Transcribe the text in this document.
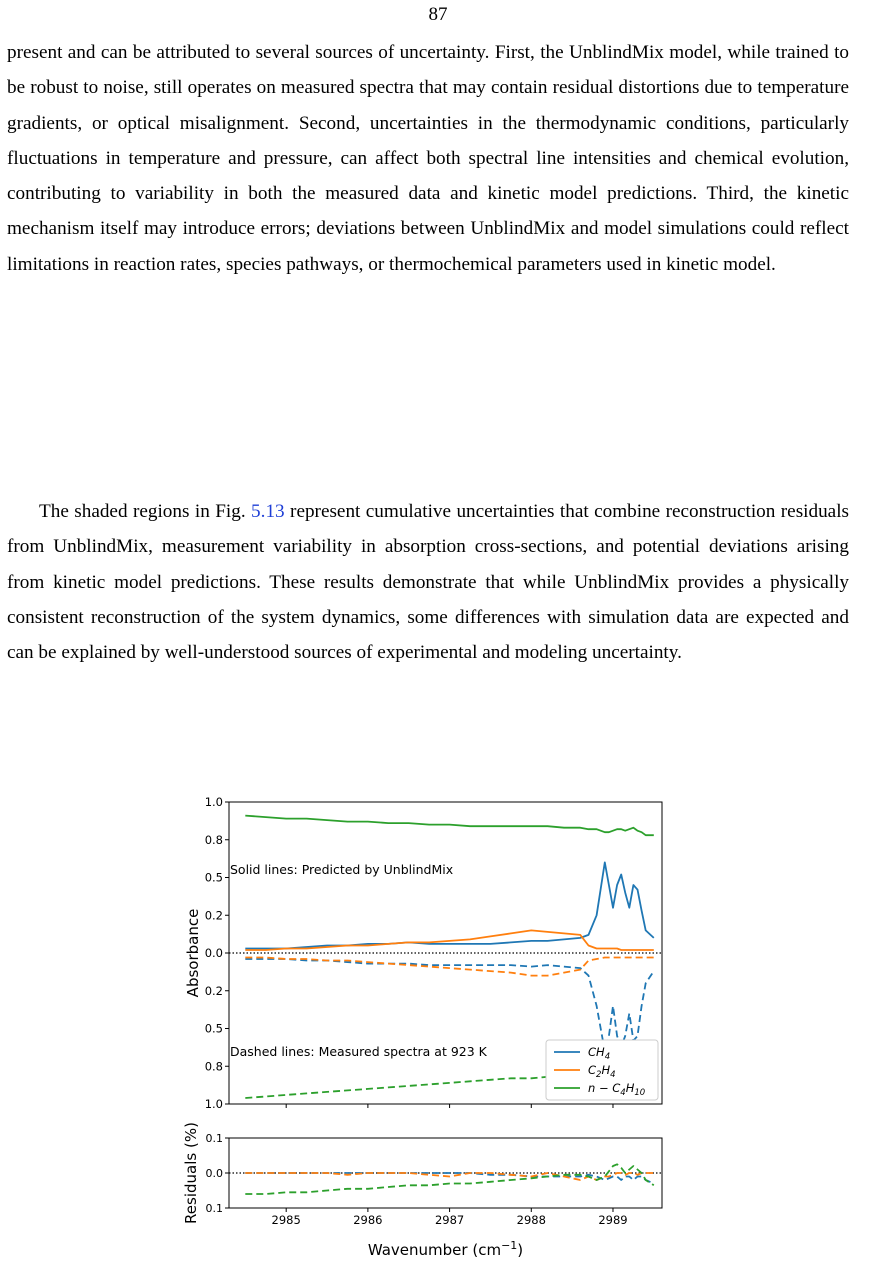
87

present and can be attributed to several sources of uncertainty. First, the UnblindMix model, while trained to be robust to noise, still operates on measured spectra that may contain residual distortions due to temperature gradients, or optical misalignment. Second, uncertainties in the thermodynamic conditions, particularly fluctuations in temperature and pressure, can affect both spectral line intensities and chemical evolution, contributing to variability in both the measured data and kinetic model predictions. Third, the kinetic mechanism itself may introduce errors; deviations between UnblindMix and model simulations could reflect limitations in reaction rates, species pathways, or thermochemical parameters used in kinetic model.

The shaded regions in Fig. 5.13 represent cumulative uncertainties that combine reconstruction residuals from UnblindMix, measurement variability in absorption cross-sections, and potential deviations arising from kinetic model predictions. These results demonstrate that while UnblindMix provides a physically consistent reconstruction of the system dynamics, some differences with simulation data are expected and can be explained by well-understood sources of experimental and modeling uncertainty.

1.0
0.8
0.5
0.2
0.0
0.2
0.5
0.8
1.0
Absorbance
Solid lines: Predicted by UnblindMix
Dashed lines: Measured spectra at 923 K	$CH_4$
$C_2H_4$
$n - C_4H_{10}$
0.1
0.0
0.1
2985	2986	2987	2988	2989
Residuals (%)
Wavenumber $(cm^{-1})$
